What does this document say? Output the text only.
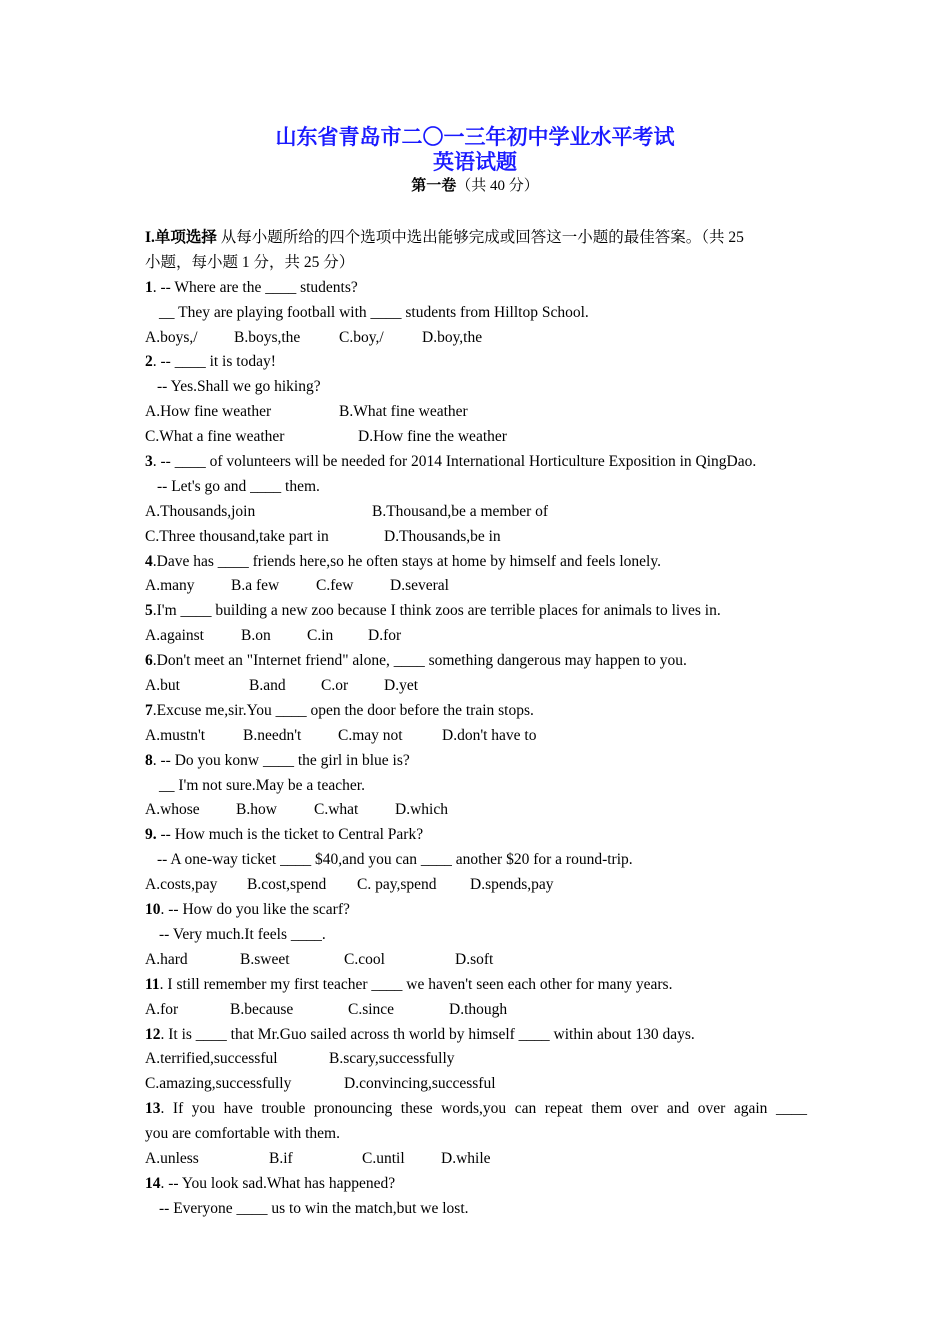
山东省青岛市二〇一三年初中学业水平考试
英语试题
第一卷（共 40 分）
I.单项选择 从每小题所给的四个选项中选出能够完成或回答这一小题的最佳答案。（共 25
小题，每小题 1 分，共 25 分）
1. -- Where are the ____ students?
__ They are playing football with ____ students from Hilltop School.
A.boys,/ B.boys,the C.boy,/ D.boy,the
2. -- ____ it is today!
-- Yes.Shall we go hiking?
A.How fine weather	B.What fine weather
C.What a fine weather	D.How fine the weather
3. -- ____ of volunteers will be needed for 2014 International Horticulture Exposition in QingDao.
-- Let's go and ____ them.
A.Thousands,join	B.Thousand,be a member of
C.Three thousand,take part in	D.Thousands,be in
4.Dave has ____ friends here,so he often stays at home by himself and feels lonely.
A.many B.a few C.few D.several
5.I'm ____ building a new zoo because I think zoos are terrible places for animals to lives in.
A.against B.on C.in D.for
6.Don't meet an "Internet friend" alone, ____ something dangerous may happen to you.
A.but	B.and C.or D.yet
7.Excuse me,sir.You ____ open the door before the train stops.
A.mustn't B.needn't C.may not	D.don't have to
8. -- Do you konw ____ the girl in blue is?
__ I'm not sure.May be a teacher.
A.whose B.how C.what D.which
9. -- How much is the ticket to Central Park?
-- A one-way ticket ____ $40,and you can ____ another $20 for a round-trip.
A.costs,pay B.cost,spend C. pay,spend D.spends,pay
10. -- How do you like the scarf?
-- Very much.It feels ____.
A.hard	B.sweet	C.cool	D.soft
11. I still remember my first teacher ____ we haven't seen each other for many years.
A.for	B.because	C.since	D.though
12. It is ____ that Mr.Guo sailed across th world by himself ____ within about 130 days.
A.terrified,successful	B.scary,successfully
C.amazing,successfully	D.convincing,successful
13. If you have trouble pronouncing these words,you can repeat them over and over again ____
you are comfortable with them.
A.unless	B.if	C.until D.while
14. -- You look sad.What has happened?
-- Everyone ____ us to win the match,but we lost.
